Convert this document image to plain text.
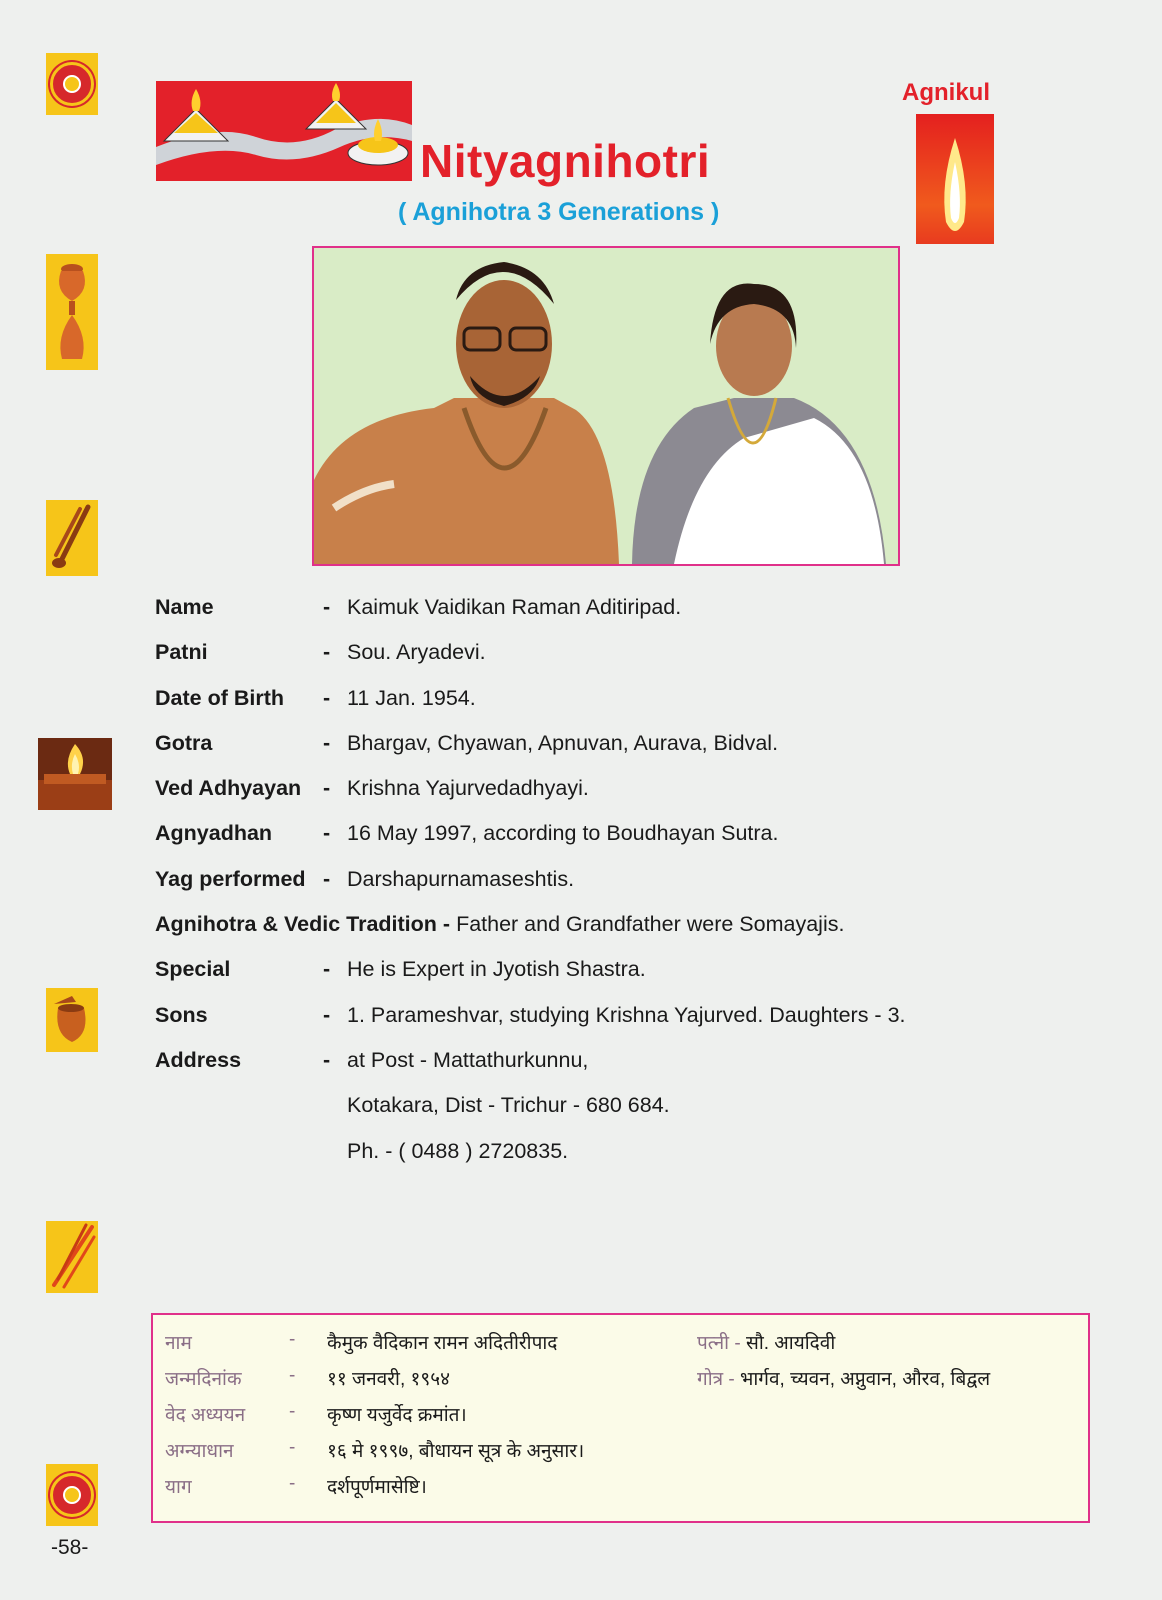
Nityagnihotri
( Agnihotra 3 Generations )
Agnikul
Name	- Kaimuk Vaidikan Raman Aditiripad.
Patni	- Sou. Aryadevi.
Date of Birth - 11 Jan. 1954.
Gotra	- Bhargav, Chyawan, Apnuvan, Aurava, Bidval.
Ved Adhyayan - Krishna Yajurvedadhyayi.
Agnyadhan - 16 May 1997, according to Boudhayan Sutra.
Yag performed - Darshapurnamaseshtis.
Agnihotra & Vedic Tradition - Father and Grandfather were Somayajis.
Special	- He is Expert in Jyotish Shastra.
Sons	- 1. Parameshvar, studying Krishna Yajurved. Daughters - 3.
Address	- at Post - Mattathurkunnu,
Kotakara, Dist - Trichur - 680 684.
Ph. - ( 0488 ) 2720835.
नाम	- कैमुक वैदिकान रामन अदितीरीपाद
जन्मदिनांक - ११ जनवरी, १९५४
वेद अध्ययन - कृष्ण यजुर्वेद क्रमांत।
अग्न्याधान	- १६ मे १९९७, बौधायन सूत्र के अनुसार।
याग	- दर्शपूर्णमासेष्टि।
पत्नी - सौ. आयदिवी
गोत्र - भार्गव, च्यवन, अप्नुवान, औरव, बिद्वल
-58-
